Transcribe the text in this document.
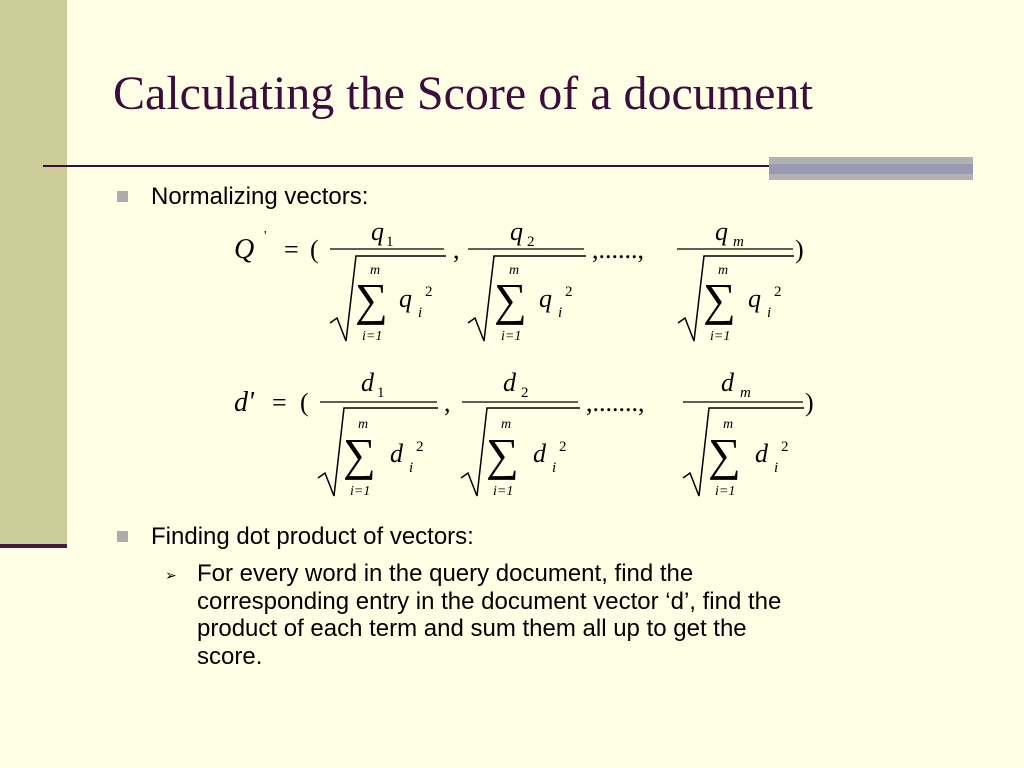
Calculating the Score of a document
Normalizing vectors:
Finding dot product of vectors:
➢ For every word in the query document, find the
corresponding entry in the document vector ‘d’, find the
product of each term and sum them all up to get the
score.
Q ' = (	,	,......,	)
q 1
m
∑
i=1
q i
2
q 2
m
∑
i=1
q i
2
q m
m
∑
i=1
q i
2
d' = (	,	,.......,	)
d 1
m
∑
i=1
d i
2
d 2
m
∑
i=1
d i
2
d m
m
∑
i=1
d i
2
